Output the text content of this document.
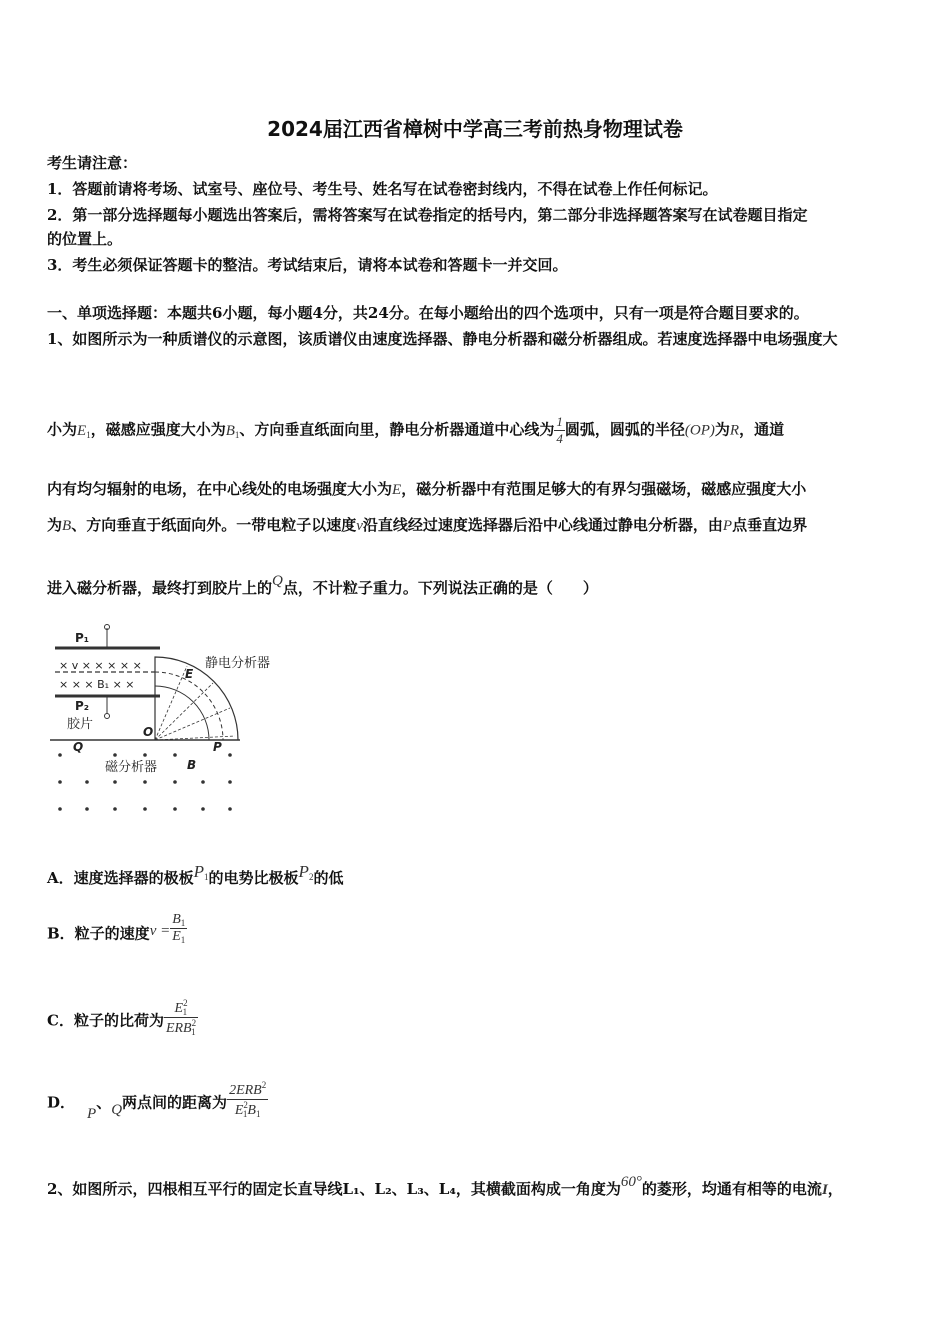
2024届江西省樟树中学高三考前热身物理试卷
考生请注意：
1．答题前请将考场、试室号、座位号、考生号、姓名写在试卷密封线内，不得在试卷上作任何标记。
2．第一部分选择题每小题选出答案后，需将答案写在试卷指定的括号内，第二部分非选择题答案写在试卷题目指定
的位置上。
3．考生必须保证答题卡的整洁。考试结束后，请将本试卷和答题卡一并交回。
一、单项选择题：本题共6小题，每小题4分，共24分。在每小题给出的四个选项中，只有一项是符合题目要求的。
1、如图所示为一种质谱仪的示意图，该质谱仪由速度选择器、静电分析器和磁分析器组成。若速度选择器中电场强度大
小为$E_1$，磁感应强度大小为$B_1$、方向垂直纸面向里，静电分析器通道中心线为 $\frac{1}{4}$ 圆弧，圆弧的半径(OP)为R，通道
内有均匀辐射的电场，在中心线处的电场强度大小为E，磁分析器中有范围足够大的有界匀强磁场，磁感应强度大小
为B、方向垂直于纸面向外。一带电粒子以速度v沿直线经过速度选择器后沿中心线通过静电分析器，由P点垂直边界
进入磁分析器，最终打到胶片上的Q点，不计粒子重力。下列说法正确的是（　　）
P₁
× v × × × × ×
× × × B₁ × ×
P₂
胶片
静电分析器
E
O
P
Q
磁分析器 B
A．速度选择器的极板$P_1$的电势比极板$P_2$的低
B．粒子的速度$v = \frac{B_1}{E_1}$
C．粒子的比荷为 $\frac{E^2_1}{ERB^2_1}$
D．P、Q两点间的距离为 $\frac{2ERB^2}{E^2_1B_1}$
2、如图所示，四根相互平行的固定长直导线L₁、L₂、L₃、L₄，其横截面构成一角度为60°的菱形，均通有相等的电流I，
